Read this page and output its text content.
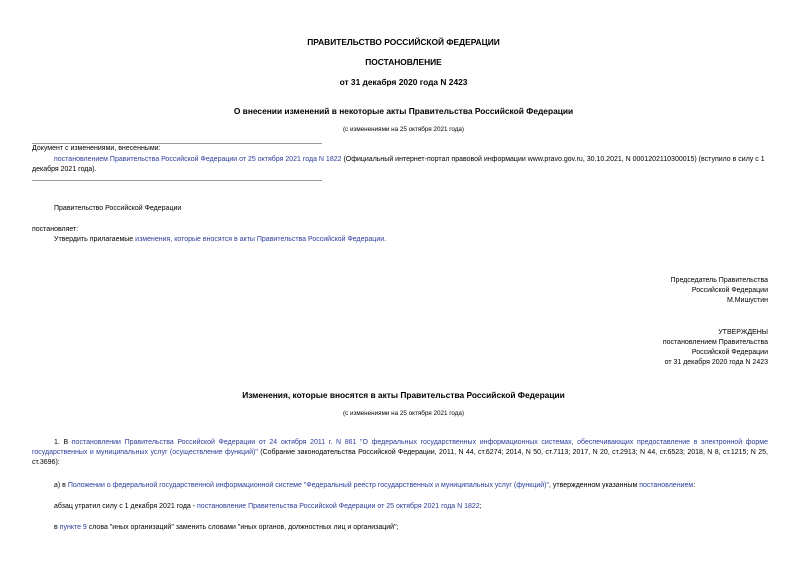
ПРАВИТЕЛЬСТВО РОССИЙСКОЙ ФЕДЕРАЦИИ
ПОСТАНОВЛЕНИЕ
от 31 декабря 2020 года N 2423
О внесении изменений в некоторые акты Правительства Российской Федерации
(с изменениями на 25 октября 2021 года)
Документ с изменениями, внесенными:
постановлением Правительства Российской Федерации от 25 октября 2021 года N 1822 (Официальный интернет-портал правовой информации www.pravo.gov.ru, 30.10.2021, N 0001202110300015) (вступило в силу с 1 декабря 2021 года).
Правительство Российской Федерации
постановляет:
Утвердить прилагаемые изменения, которые вносятся в акты Правительства Российской Федерации.
Председатель Правительства
Российской Федерации
М.Мишустин
УТВЕРЖДЕНЫ
постановлением Правительства
Российской Федерации
от 31 декабря 2020 года N 2423
Изменения, которые вносятся в акты Правительства Российской Федерации
(с изменениями на 25 октября 2021 года)
1. В постановлении Правительства Российской Федерации от 24 октября 2011 г. N 861 "О федеральных государственных информационных системах, обеспечивающих предоставление в электронной форме государственных и муниципальных услуг (осуществление функций)" (Собрание законодательства Российской Федерации, 2011, N 44, ст.6274; 2014, N 50, ст.7113; 2017, N 20, ст.2913; N 44, ст.6523; 2018, N 8, ст.1215; N 25, ст.3696):
а) в Положении о федеральной государственной информационной системе "Федеральный реестр государственных и муниципальных услуг (функций)", утвержденном указанным постановлением:
абзац утратил силу с 1 декабря 2021 года - постановление Правительства Российской Федерации от 25 октября 2021 года N 1822;
в пункте 9 слова "иных организаций" заменить словами "иных органов, должностных лиц и организаций";
